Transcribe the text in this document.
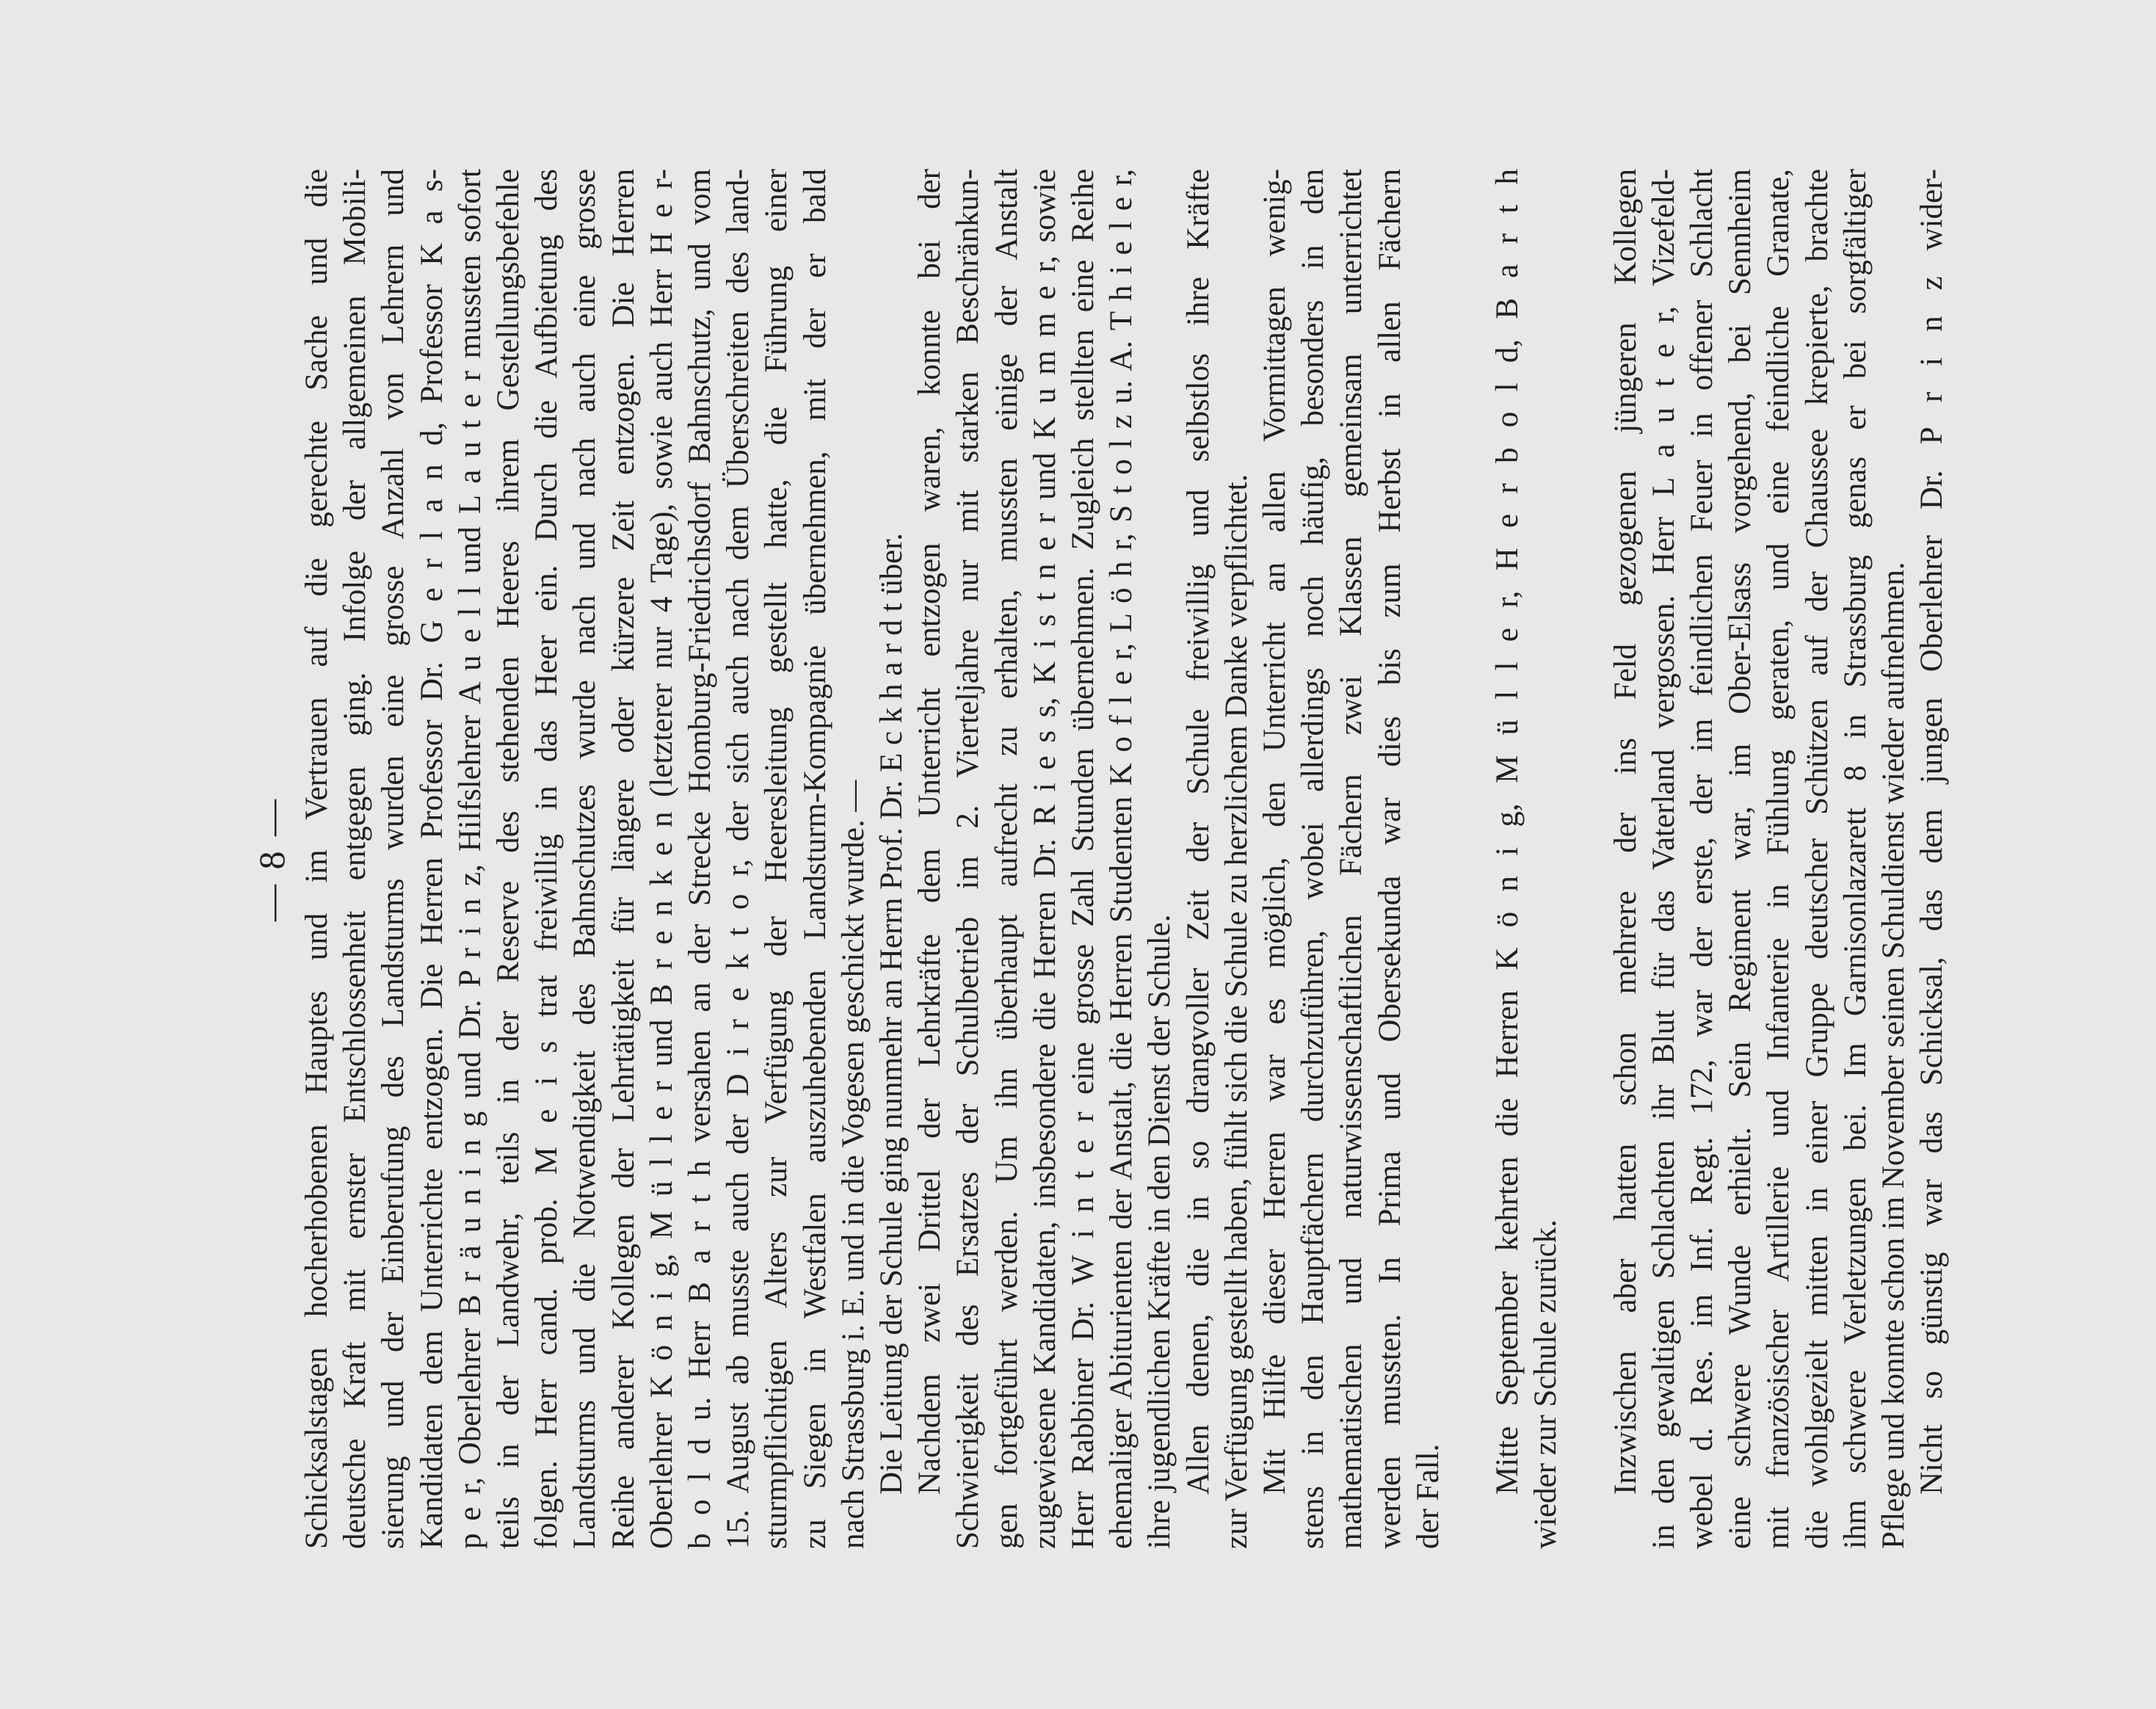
— 8 — Schicksalstagen hocherhobenen Hauptes und im Vertrauen auf die gerechte Sache und die deutsche Kraft mit ernster Entschlossenheit entgegen ging. Infolge der allgemeinen Mobili- sierung und der Einberufung des Landsturms wurden eine grosse Anzahl von Lehrern und Kandidaten dem Unterrichte entzogen. Die Herren Professor Dr. G e r l a n d, Professor K a s- p e r, Oberlehrer B r ä u n i n g und Dr. P r i n z, Hilfslehrer A u e l l und L a u t e r mussten sofort teils in der Landwehr, teils in der Reserve des stehenden Heeres ihrem Gestellungsbefehle folgen. Herr cand. prob. M e i s trat freiwillig in das Heer ein. Durch die Aufbietung des Landsturms und die Notwendigkeit des Bahnschutzes wurde nach und nach auch eine grosse Reihe anderer Kollegen der Lehrtätigkeit für längere oder kürzere Zeit entzogen. Die Herren Oberlehrer K ö n i g, M ü l l e r und B r e n k e n (letzterer nur 4 Tage), sowie auch Herr H e r- b o l d u. Herr B a r t h versahen an der Strecke Homburg-Friedrichsdorf Bahnschutz, und vom 15. August ab musste auch der D i r e k t o r, der sich auch nach dem Überschreiten des land- sturmpflichtigen Alters zur Verfügung der Heeresleitung gestellt hatte, die Führung einer zu Siegen in Westfalen auszuhebenden Landsturm-Kompagnie übernehmen, mit der er bald nach Strassburg i. E. und in die Vogesen geschickt wurde. — Die Leitung der Schule ging nunmehr an Herrn Prof. Dr. E c k h a r d t über. Nachdem zwei Drittel der Lehrkräfte dem Unterricht entzogen waren, konnte bei der Schwierigkeit des Ersatzes der Schulbetrieb im 2. Vierteljahre nur mit starken Beschränkun- gen fortgeführt werden. Um ihn überhaupt aufrecht zu erhalten, mussten einige der Anstalt zugewiesene Kandidaten, insbesondere die Herren Dr. R i e s s, K i s t n e r und K u m m e r, sowie Herr Rabbiner Dr. W i n t e r eine grosse Zahl Stunden übernehmen. Zugleich stellten eine Reihe ehemaliger Abiturienten der Anstalt, die Herren Studenten K o f l e r, L ö h r, S t o l z u. A. T h i e l e r, ihre jugendlichen Kräfte in den Dienst der Schule. Allen denen, die in so drangvoller Zeit der Schule freiwillig und selbstlos ihre Kräfte zur Verfügung gestellt haben, fühlt sich die Schule zu herzlichem Danke verpflichtet. Mit Hilfe dieser Herren war es möglich, den Unterricht an allen Vormittagen wenig- stens in den Hauptfächern durchzuführen, wobei allerdings noch häufig, besonders in den mathematischen und naturwissenschaftlichen Fächern zwei Klassen gemeinsam unterrichtet werden mussten. In Prima und Obersekunda war dies bis zum Herbst in allen Fächern der Fall.
Mitte September kehrten die Herren K ö n i g, M ü l l e r, H e r b o l d, B a r t h wieder zur Schule zurück. Inzwischen aber hatten schon mehrere der ins Feld gezogenen jüngeren Kollegen in den gewaltigen Schlachten ihr Blut für das Vaterland vergossen. Herr L a u t e r, Vizefeld- webel d. Res. im Inf. Regt. 172, war der erste, der im feindlichen Feuer in offener Schlacht eine schwere Wunde erhielt. Sein Regiment war, im Ober-Elsass vorgehend, bei Sennheim mit französischer Artillerie und Infanterie in Fühlung geraten, und eine feindliche Granate, die wohlgezielt mitten in einer Gruppe deutscher Schützen auf der Chaussee krepierte, brachte ihm schwere Verletzungen bei. Im Garnisonlazarett 8 in Strassburg genas er bei sorgfältiger Pflege und konnte schon im November seinen Schuldienst wieder aufnehmen. Nicht so günstig war das Schicksal, das dem jungen Oberlehrer Dr. P r i n z wider-
